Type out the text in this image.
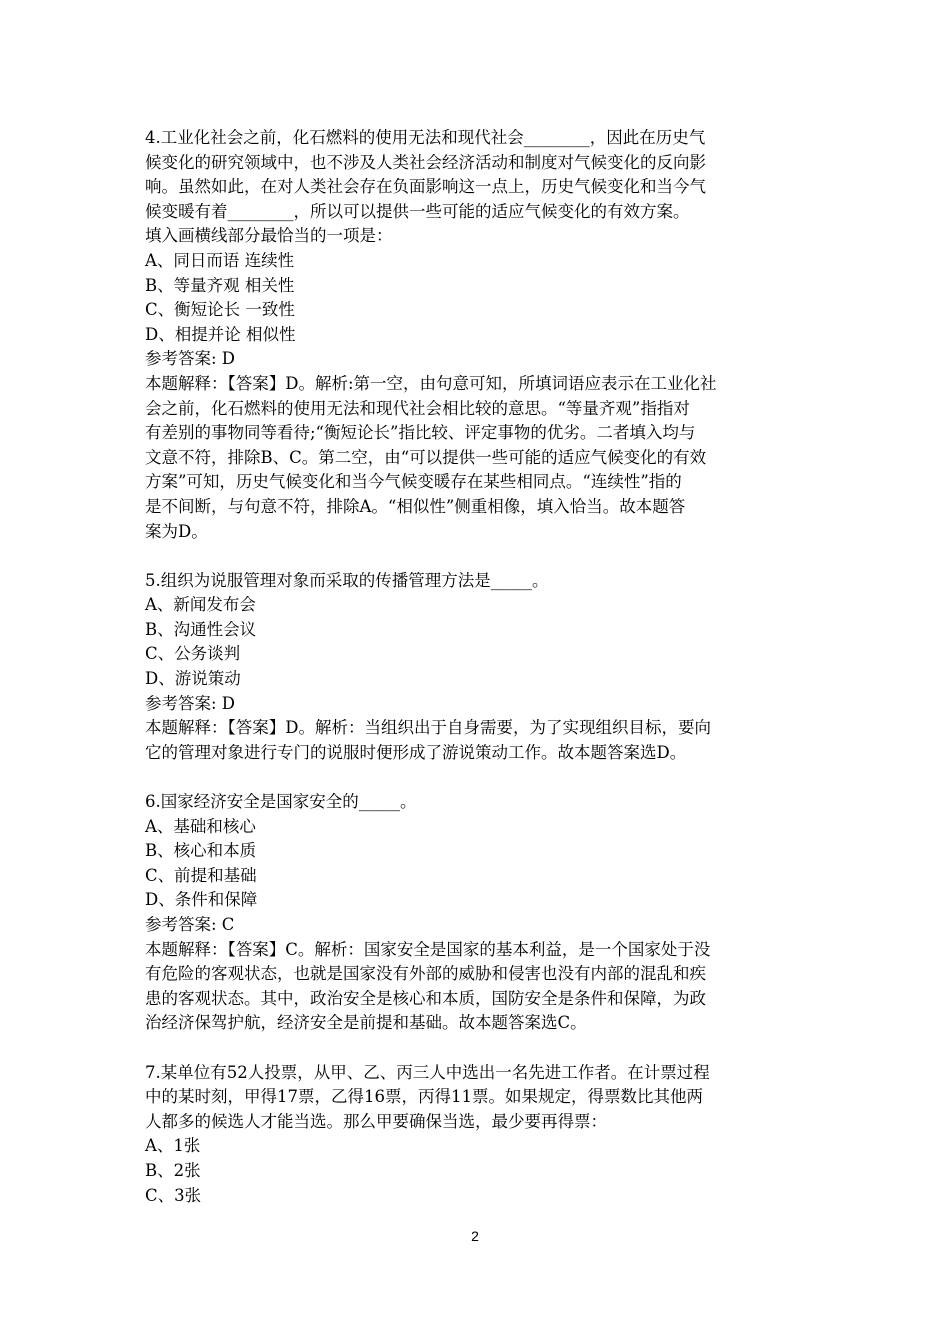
4.工业化社会之前，化石燃料的使用无法和现代社会________，因此在历史气
候变化的研究领域中，也不涉及人类社会经济活动和制度对气候变化的反向影
响。虽然如此，在对人类社会存在负面影响这一点上，历史气候变化和当今气
候变暖有着________，所以可以提供一些可能的适应气候变化的有效方案。
填入画横线部分最恰当的一项是：
A、同日而语 连续性
B、等量齐观 相关性
C、衡短论长 一致性
D、相提并论 相似性
参考答案: D
本题解释：【答案】D。解析:第一空，由句意可知，所填词语应表示在工业化社
会之前，化石燃料的使用无法和现代社会相比较的意思。“等量齐观”指指对
有差别的事物同等看待;“衡短论长”指比较、评定事物的优劣。二者填入均与
文意不符，排除B、C。第二空，由“可以提供一些可能的适应气候变化的有效
方案”可知，历史气候变化和当今气候变暖存在某些相同点。“连续性”指的
是不间断，与句意不符，排除A。“相似性”侧重相像，填入恰当。故本题答
案为D。
5.组织为说服管理对象而采取的传播管理方法是_____。
A、新闻发布会
B、沟通性会议
C、公务谈判
D、游说策动
参考答案: D
本题解释：【答案】D。解析：当组织出于自身需要，为了实现组织目标，要向
它的管理对象进行专门的说服时便形成了游说策动工作。故本题答案选D。
6.国家经济安全是国家安全的_____。
A、基础和核心
B、核心和本质
C、前提和基础
D、条件和保障
参考答案: C
本题解释：【答案】C。解析：国家安全是国家的基本利益，是一个国家处于没
有危险的客观状态，也就是国家没有外部的威胁和侵害也没有内部的混乱和疾
患的客观状态。其中，政治安全是核心和本质，国防安全是条件和保障，为政
治经济保驾护航，经济安全是前提和基础。故本题答案选C。
7.某单位有52人投票，从甲、乙、丙三人中选出一名先进工作者。在计票过程
中的某时刻，甲得17票，乙得16票，丙得11票。如果规定，得票数比其他两
人都多的候选人才能当选。那么甲要确保当选，最少要再得票：
A、1张
B、2张
C、3张
2
